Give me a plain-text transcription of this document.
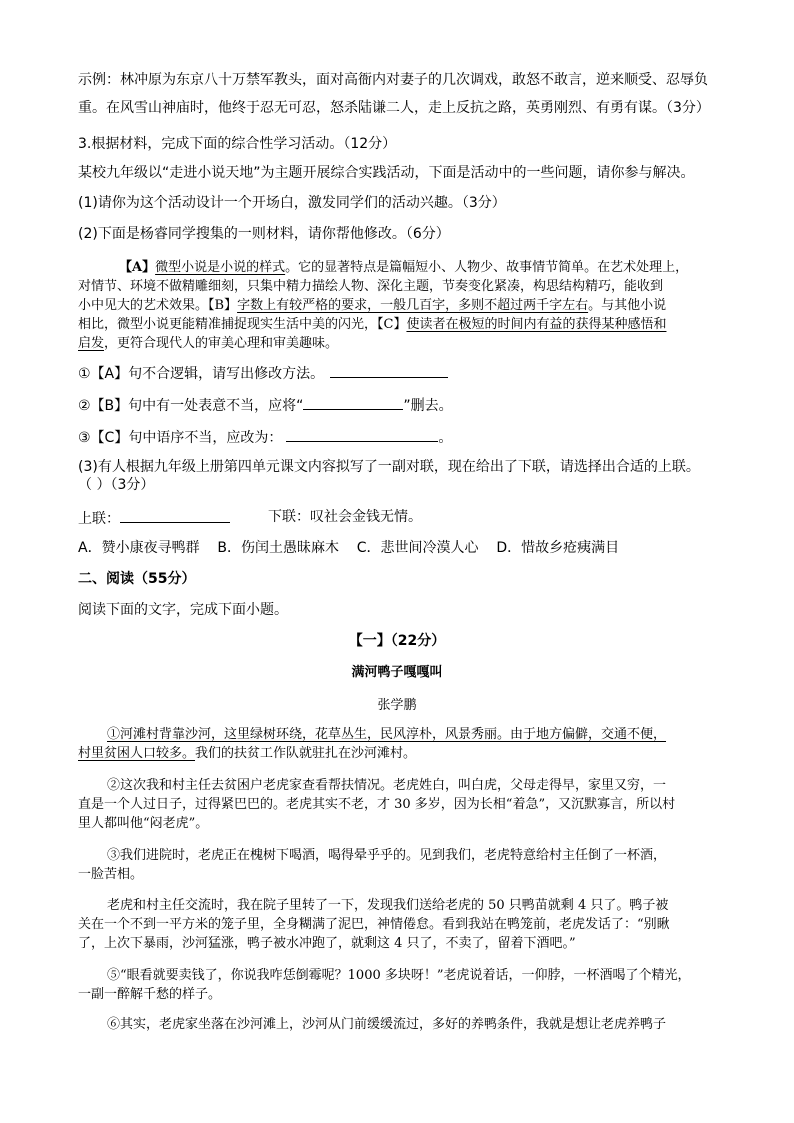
示例：林冲原为东京八十万禁军教头，面对高衙内对妻子的几次调戏，敢怒不敢言，逆来顺受、忍辱负
重。在风雪山神庙时，他终于忍无可忍，怒杀陆谦二人，走上反抗之路，英勇刚烈、有勇有谋。（3分）
3.根据材料，完成下面的综合性学习活动。（12分）
某校九年级以“走进小说天地”为主题开展综合实践活动，下面是活动中的一些问题，请你参与解决。
(1)请你为这个活动设计一个开场白，激发同学们的活动兴趣。（3分）
(2)下面是杨睿同学搜集的一则材料，请你帮他修改。（6分）
【A】微型小说是小说的样式。它的显著特点是篇幅短小、人物少、故事情节简单。在艺术处理上，
对情节、环境不做精雕细刻，只集中精力描绘人物、深化主题，节奏变化紧凑，构思结构精巧，能收到
小中见大的艺术效果。【B】字数上有较严格的要求，一般几百字，多则不超过两千字左右。与其他小说
相比，微型小说更能精准捕捉现实生活中美的闪光，【C】使读者在极短的时间内有益的获得某种感悟和
启发，更符合现代人的审美心理和审美趣味。
①【A】句不合逻辑，请写出修改方法。
②【B】句中有一处表意不当，应将“	”删去。
③【C】句中语序不当，应改为：	。
(3)有人根据九年级上册第四单元课文内容拟写了一副对联，现在给出了下联，请选择出合适的上联。
（ ）（3分）
上联：	下联：叹社会金钱无情。
A．赞小康夜寻鸭群    B．伤闰土愚昧麻木    C．悲世间冷漠人心    D．惜故乡疮痍满目
二、阅读（55分）
阅读下面的文字，完成下面小题。
【一】（22分）
满河鸭子嘎嘎叫
张学鹏
①河滩村背靠沙河，这里绿树环绕，花草丛生，民风淳朴，风景秀丽。由于地方偏僻，交通不便，
村里贫困人口较多。我们的扶贫工作队就驻扎在沙河滩村。
②这次我和村主任去贫困户老虎家查看帮扶情况。老虎姓白，叫白虎，父母走得早，家里又穷，一
直是一个人过日子，过得紧巴巴的。老虎其实不老，才 30 多岁，因为长相“着急”，又沉默寡言，所以村
里人都叫他“闷老虎”。
③我们进院时，老虎正在槐树下喝酒，喝得晕乎乎的。见到我们，老虎特意给村主任倒了一杯酒，
一脸苦相。
老虎和村主任交流时，我在院子里转了一下，发现我们送给老虎的 50 只鸭苗就剩 4 只了。鸭子被
关在一个不到一平方米的笼子里，全身糊满了泥巴，神情倦怠。看到我站在鸭笼前，老虎发话了：“别瞅
了，上次下暴雨，沙河猛涨，鸭子被水冲跑了，就剩这 4 只了，不卖了，留着下酒吧。”
⑤“眼看就要卖钱了，你说我咋恁倒霉呢？1000 多块呀！”老虎说着话，一仰脖，一杯酒喝了个精光，
一副一醉解千愁的样子。
⑥其实，老虎家坐落在沙河滩上，沙河从门前缓缓流过，多好的养鸭条件，我就是想让老虎养鸭子
